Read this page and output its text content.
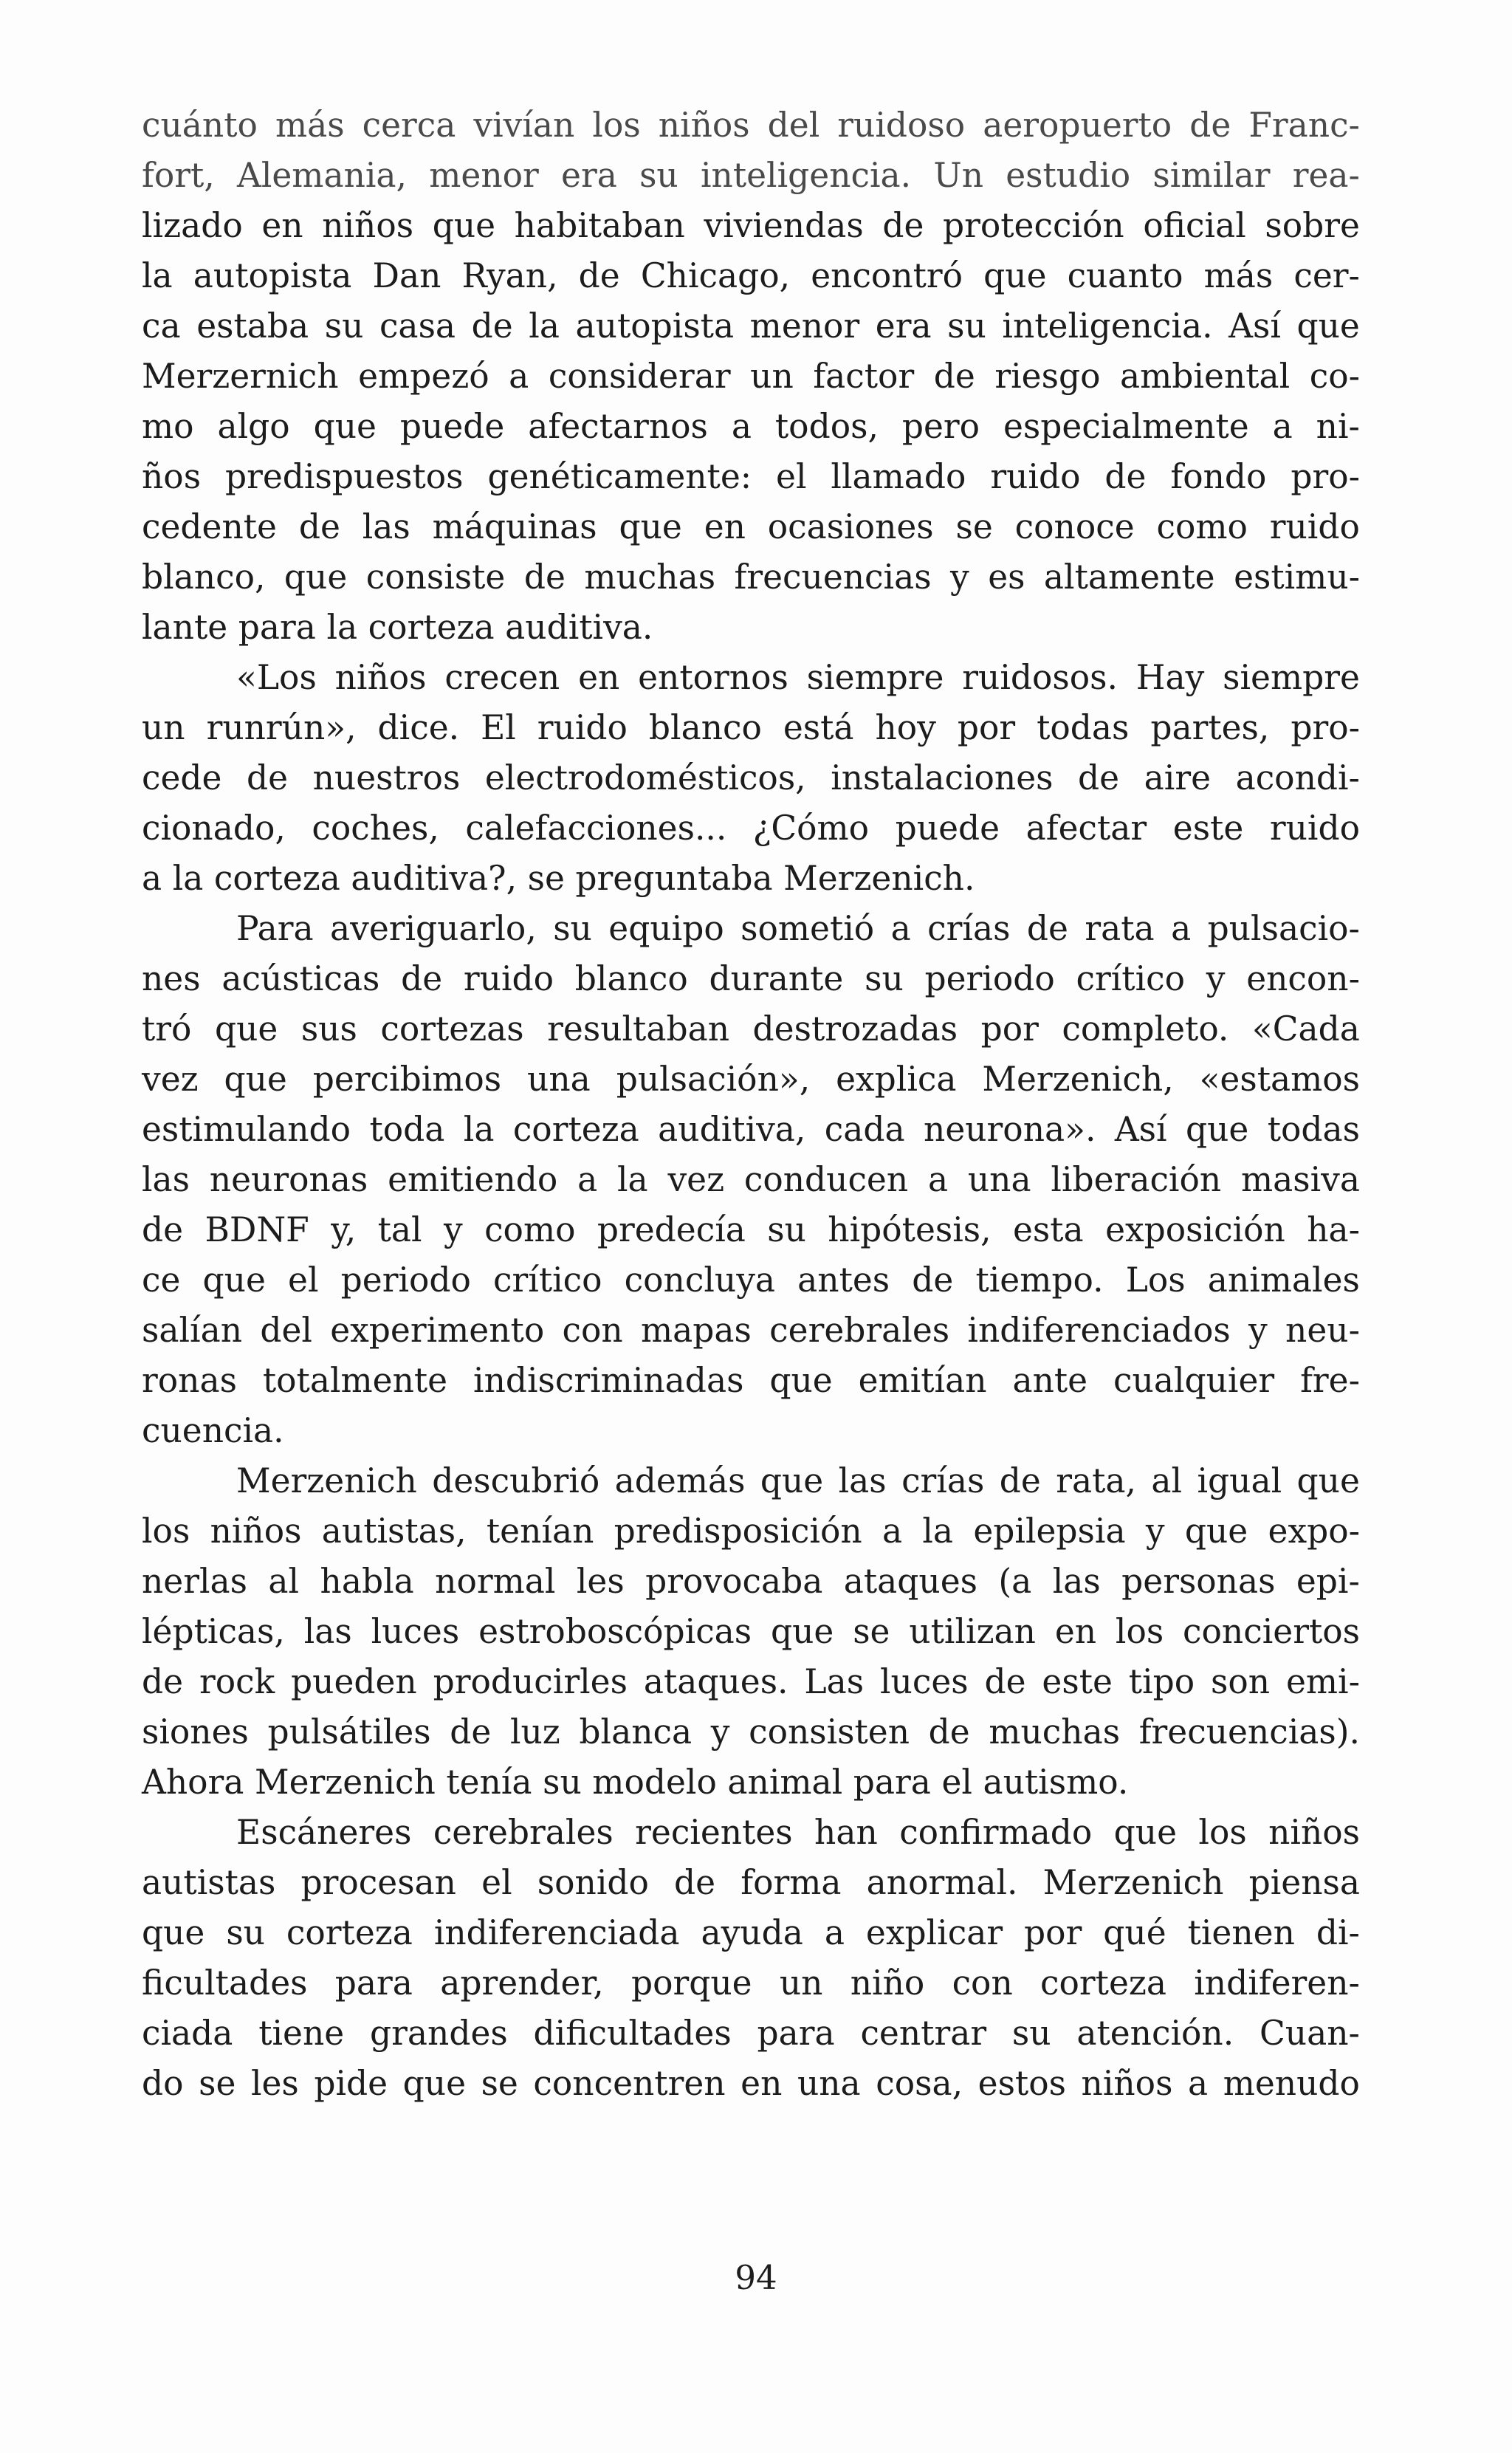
cuánto más cerca vivían los niños del ruidoso aeropuerto de Franc-
fort, Alemania, menor era su inteligencia. Un estudio similar rea-
lizado en niños que habitaban viviendas de protección oficial sobre
la autopista Dan Ryan, de Chicago, encontró que cuanto más cer-
ca estaba su casa de la autopista menor era su inteligencia. Así que
Merzernich empezó a considerar un factor de riesgo ambiental co-
mo algo que puede afectarnos a todos, pero especialmente a ni-
ños predispuestos genéticamente: el llamado ruido de fondo pro-
cedente de las máquinas que en ocasiones se conoce como ruido
blanco, que consiste de muchas frecuencias y es altamente estimu-
lante para la corteza auditiva.
«Los niños crecen en entornos siempre ruidosos. Hay siempre
un runrún», dice. El ruido blanco está hoy por todas partes, pro-
cede de nuestros electrodomésticos, instalaciones de aire acondi-
cionado, coches, calefacciones... ¿Cómo puede afectar este ruido
a la corteza auditiva?, se preguntaba Merzenich.
Para averiguarlo, su equipo sometió a crías de rata a pulsacio-
nes acústicas de ruido blanco durante su periodo crítico y encon-
tró que sus cortezas resultaban destrozadas por completo. «Cada
vez que percibimos una pulsación», explica Merzenich, «estamos
estimulando toda la corteza auditiva, cada neurona». Así que todas
las neuronas emitiendo a la vez conducen a una liberación masiva
de BDNF y, tal y como predecía su hipótesis, esta exposición ha-
ce que el periodo crítico concluya antes de tiempo. Los animales
salían del experimento con mapas cerebrales indiferenciados y neu-
ronas totalmente indiscriminadas que emitían ante cualquier fre-
cuencia.
Merzenich descubrió además que las crías de rata, al igual que
los niños autistas, tenían predisposición a la epilepsia y que expo-
nerlas al habla normal les provocaba ataques (a las personas epi-
lépticas, las luces estroboscópicas que se utilizan en los conciertos
de rock pueden producirles ataques. Las luces de este tipo son emi-
siones pulsátiles de luz blanca y consisten de muchas frecuencias).
Ahora Merzenich tenía su modelo animal para el autismo.
Escáneres cerebrales recientes han confirmado que los niños
autistas procesan el sonido de forma anormal. Merzenich piensa
que su corteza indiferenciada ayuda a explicar por qué tienen di-
ficultades para aprender, porque un niño con corteza indiferen-
ciada tiene grandes dificultades para centrar su atención. Cuan-
do se les pide que se concentren en una cosa, estos niños a menudo
94
